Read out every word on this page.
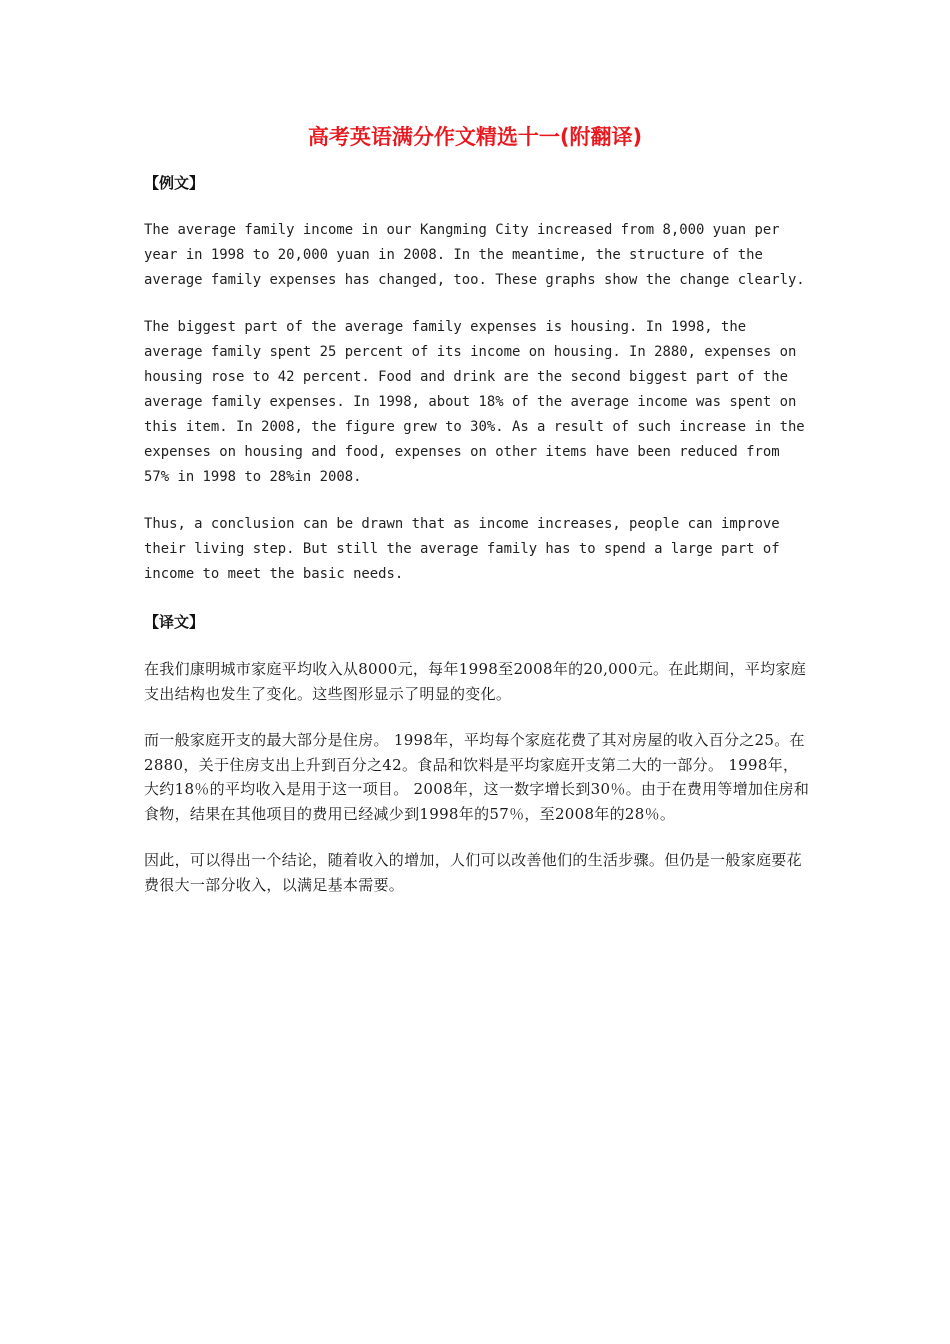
高考英语满分作文精选十一(附翻译)

【例文】

The average family income in our Kangming City increased from 8,000 yuan per year in 1998 to 20,000 yuan in 2008. In the meantime, the structure of the average family expenses has changed, too. These graphs show the change clearly.

The biggest part of the average family expenses is housing. In 1998, the average family spent 25 percent of its income on housing. In 2880, expenses on housing rose to 42 percent. Food and drink are the second biggest part of the average family expenses. In 1998, about 18% of the average income was spent on this item. In 2008, the figure grew to 30%. As a result of such increase in the expenses on housing and food, expenses on other items have been reduced from 57% in 1998 to 28%in 2008.

Thus, a conclusion can be drawn that as income increases, people can improve their living step. But still the average family has to spend a large part of income to meet the basic needs.

【译文】

在我们康明城市家庭平均收入从8000元，每年1998至2008年的20,000元。在此期间，平均家庭支出结构也发生了变化。这些图形显示了明显的变化。

而一般家庭开支的最大部分是住房。 1998年，平均每个家庭花费了其对房屋的收入百分之25。在2880，关于住房支出上升到百分之42。食品和饮料是平均家庭开支第二大的一部分。 1998年，大约18％的平均收入是用于这一项目。 2008年，这一数字增长到30％。由于在费用等增加住房和食物，结果在其他项目的费用已经减少到1998年的57％，至2008年的28％。

因此，可以得出一个结论，随着收入的增加，人们可以改善他们的生活步骤。但仍是一般家庭要花费很大一部分收入，以满足基本需要。
